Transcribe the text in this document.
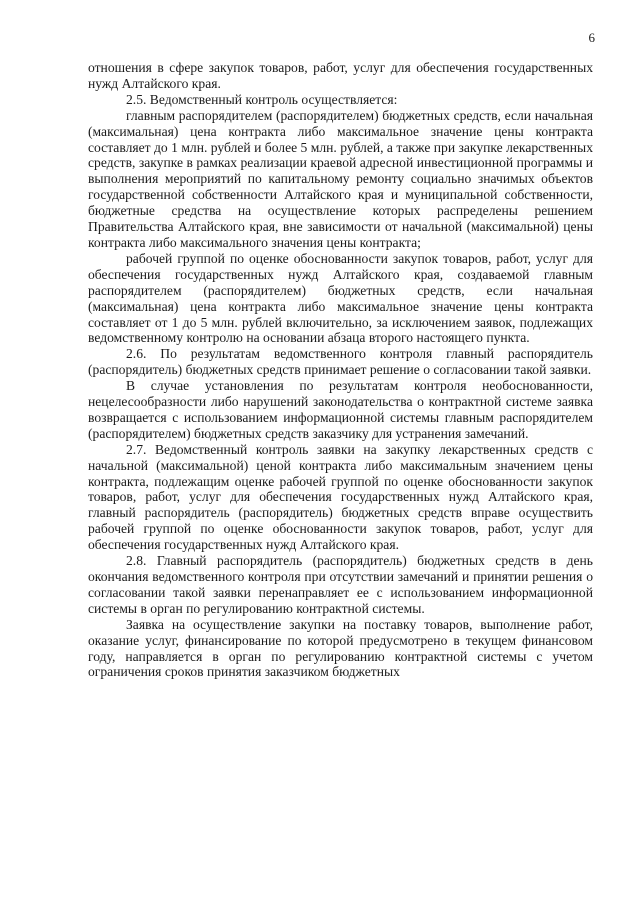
6

отношения в сфере закупок товаров, работ, услуг для обеспечения государственных нужд Алтайского края.

2.5. Ведомственный контроль осуществляется:

главным распорядителем (распорядителем) бюджетных средств, если начальная (максимальная) цена контракта либо максимальное значение цены контракта составляет до 1 млн. рублей и более 5 млн. рублей, а также при закупке лекарственных средств, закупке в рамках реализации краевой адресной инвестиционной программы и выполнения мероприятий по капитальному ремонту социально значимых объектов государственной собственности Алтайского края и муниципальной собственности, бюджетные средства на осуществление которых распределены решением Правительства Алтайского края, вне зависимости от начальной (максимальной) цены контракта либо максимального значения цены контракта;

рабочей группой по оценке обоснованности закупок товаров, работ, услуг для обеспечения государственных нужд Алтайского края, создаваемой главным распорядителем (распорядителем) бюджетных средств, если начальная (максимальная) цена контракта либо максимальное значение цены контракта составляет от 1 до 5 млн. рублей включительно, за исключением заявок, подлежащих ведомственному контролю на основании абзаца второго настоящего пункта.

2.6. По результатам ведомственного контроля главный распорядитель (распорядитель) бюджетных средств принимает решение о согласовании такой заявки.

В случае установления по результатам контроля необоснованности, нецелесообразности либо нарушений законодательства о контрактной системе заявка возвращается с использованием информационной системы главным распорядителем (распорядителем) бюджетных средств заказчику для устранения замечаний.

2.7. Ведомственный контроль заявки на закупку лекарственных средств с начальной (максимальной) ценой контракта либо максимальным значением цены контракта, подлежащим оценке рабочей группой по оценке обоснованности закупок товаров, работ, услуг для обеспечения государственных нужд Алтайского края, главный распорядитель (распорядитель) бюджетных средств вправе осуществить рабочей группой по оценке обоснованности закупок товаров, работ, услуг для обеспечения государственных нужд Алтайского края.

2.8. Главный распорядитель (распорядитель) бюджетных средств в день окончания ведомственного контроля при отсутствии замечаний и принятии решения о согласовании такой заявки перенаправляет ее с использованием информационной системы в орган по регулированию контрактной системы.

Заявка на осуществление закупки на поставку товаров, выполнение работ, оказание услуг, финансирование по которой предусмотрено в текущем финансовом году, направляется в орган по регулированию контрактной системы с учетом ограничения сроков принятия заказчиком бюджетных
